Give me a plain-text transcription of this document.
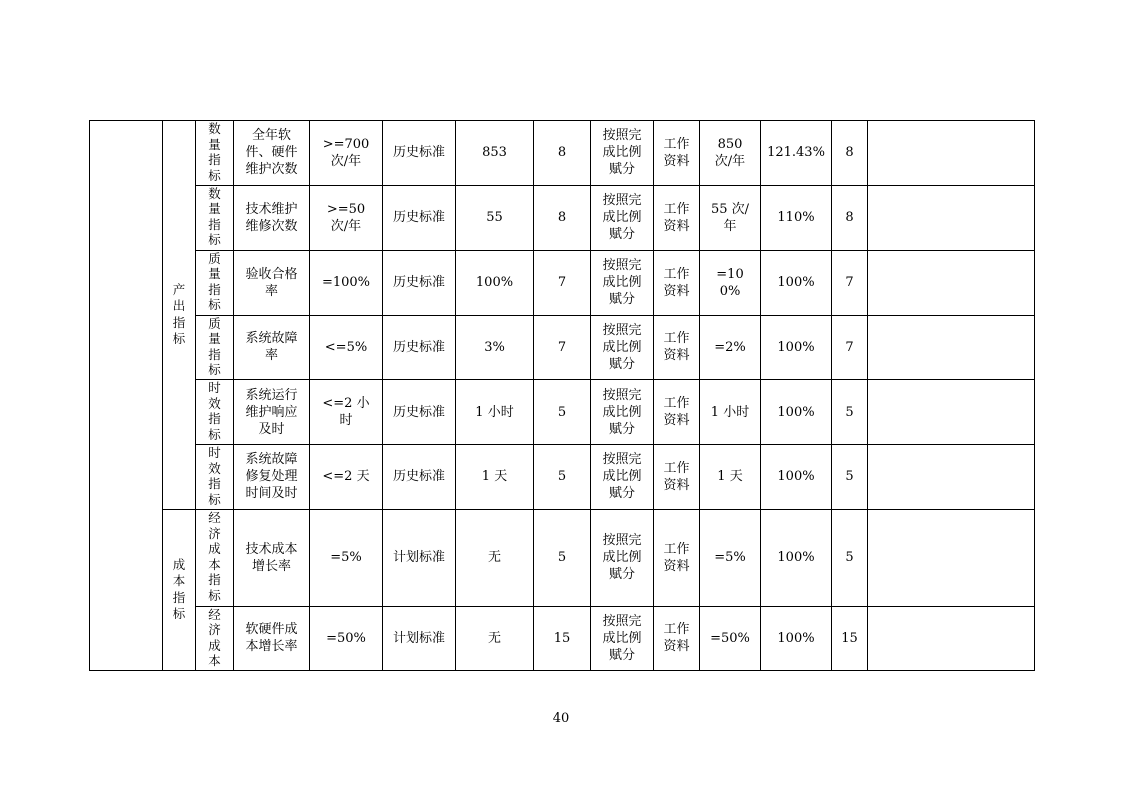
	产出指标	数量指标	全年软件、硬件维护次数	>=700 次/年	历史标准	853	8	按照完成比例赋分	工作资料	850 次/年	121.43%	8	
		数量指标	技术维护维修次数	>=50 次/年	历史标准	55	8	按照完成比例赋分	工作资料	55 次/年	110%	8	
		质量指标	验收合格率	=100%	历史标准	100%	7	按照完成比例赋分	工作资料	=100%	100%	7	
		质量指标	系统故障率	<=5%	历史标准	3%	7	按照完成比例赋分	工作资料	=2%	100%	7	
		时效指标	系统运行维护响应及时	<=2 小时	历史标准	1 小时	5	按照完成比例赋分	工作资料	1 小时	100%	5	
		时效指标	系统故障修复处理时间及时	<=2 天	历史标准	1 天	5	按照完成比例赋分	工作资料	1 天	100%	5	
	成本指标	经济成本指标	技术成本增长率	=5%	计划标准	无	5	按照完成比例赋分	工作资料	=5%	100%	5	
		经济成本	软硬件成本增长率	=50%	计划标准	无	15	按照完成比例赋分	工作资料	=50%	100%	15	
40
